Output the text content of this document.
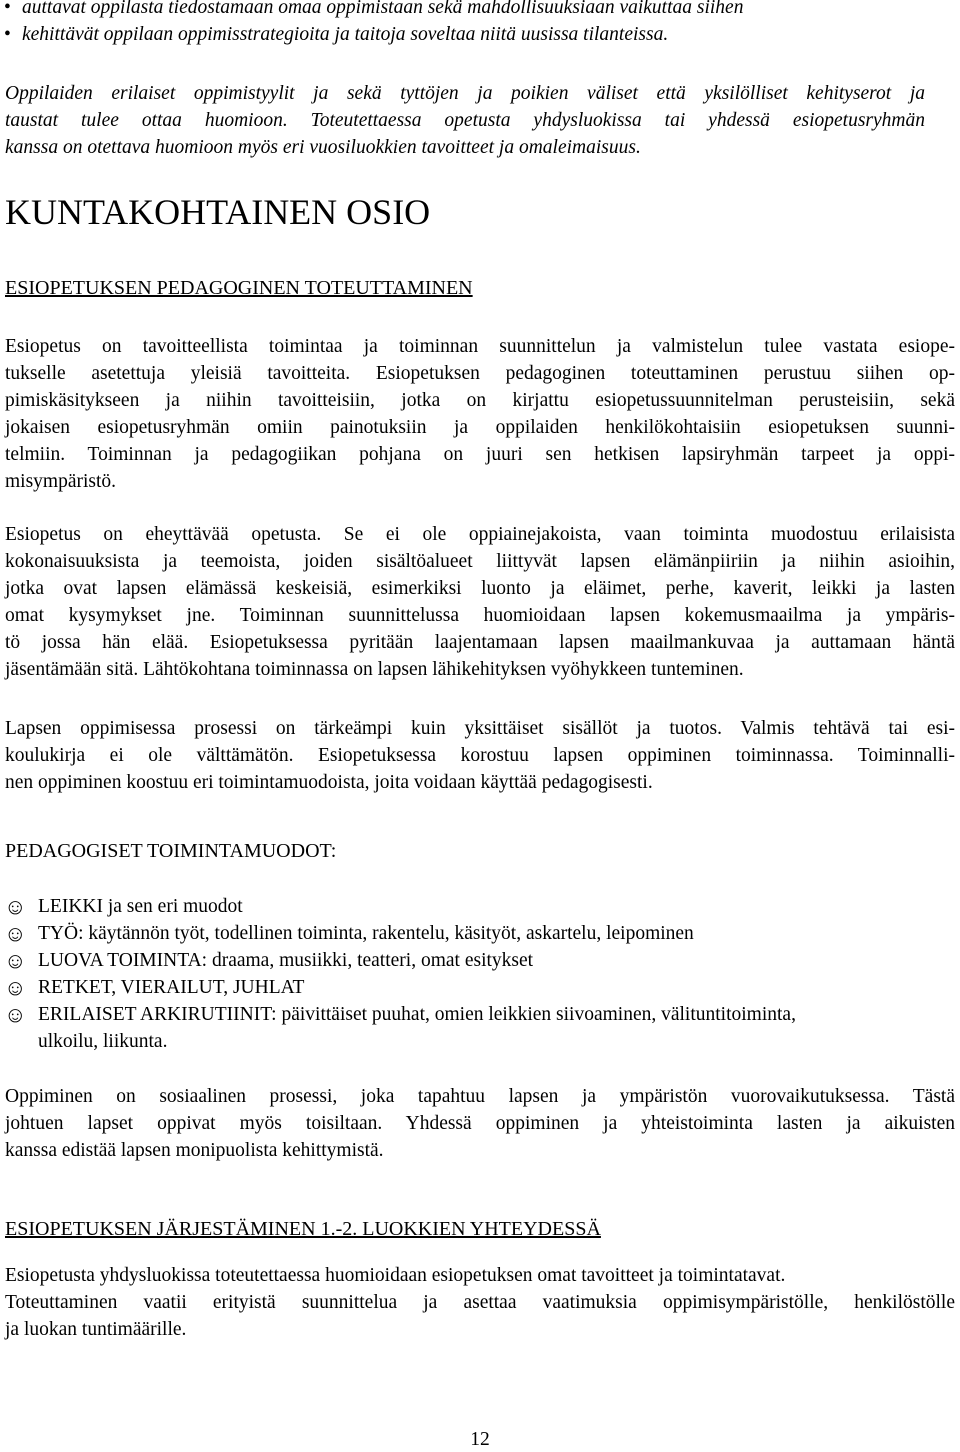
• auttavat oppilasta tiedostamaan omaa oppimistaan sekä mahdollisuuksiaan vaikuttaa siihen
• kehittävät oppilaan oppimisstrategioita ja taitoja soveltaa niitä uusissa tilanteissa.
Oppilaiden erilaiset oppimistyylit ja sekä tyttöjen ja poikien väliset että yksilölliset kehityserot ja
taustat tulee ottaa huomioon. Toteutettaessa opetusta yhdysluokissa tai yhdessä esiopetusryhmän
kanssa on otettava huomioon myös eri vuosiluokkien tavoitteet ja omaleimaisuus.
KUNTAKOHTAINEN OSIO
ESIOPETUKSEN PEDAGOGINEN TOTEUTTAMINEN
Esiopetus on tavoitteellista toimintaa ja toiminnan suunnittelun ja valmistelun tulee vastata esiope-
tukselle asetettuja yleisiä tavoitteita. Esiopetuksen pedagoginen toteuttaminen perustuu siihen op-
pimiskäsitykseen ja niihin tavoitteisiin, jotka on kirjattu esiopetussuunnitelman perusteisiin, sekä
jokaisen esiopetusryhmän omiin painotuksiin ja oppilaiden henkilökohtaisiin esiopetuksen suunni-
telmiin. Toiminnan ja pedagogiikan pohjana on juuri sen hetkisen lapsiryhmän tarpeet ja oppi-
misympäristö.
Esiopetus on eheyttävää opetusta. Se ei ole oppiainejakoista, vaan toiminta muodostuu erilaisista
kokonaisuuksista ja teemoista, joiden sisältöalueet liittyvät lapsen elämänpiiriin ja niihin asioihin,
jotka ovat lapsen elämässä keskeisiä, esimerkiksi luonto ja eläimet, perhe, kaverit, leikki ja lasten
omat kysymykset jne. Toiminnan suunnittelussa huomioidaan lapsen kokemusmaailma ja ympäris-
tö jossa hän elää. Esiopetuksessa pyritään laajentamaan lapsen maailmankuvaa ja auttamaan häntä
jäsentämään sitä. Lähtökohtana toiminnassa on lapsen lähikehityksen vyöhykkeen tunteminen.
Lapsen oppimisessa prosessi on tärkeämpi kuin yksittäiset sisällöt ja tuotos. Valmis tehtävä tai esi-
koulukirja ei ole välttämätön. Esiopetuksessa korostuu lapsen oppiminen toiminnassa. Toiminnalli-
nen oppiminen koostuu eri toimintamuodoista, joita voidaan käyttää pedagogisesti.
PEDAGOGISET TOIMINTAMUODOT:
☺ LEIKKI ja sen eri muodot
☺ TYÖ: käytännön työt, todellinen toiminta, rakentelu, käsityöt, askartelu, leipominen
☺ LUOVA TOIMINTA: draama, musiikki, teatteri, omat esitykset
☺ RETKET, VIERAILUT, JUHLAT
☺ ERILAISET ARKIRUTIINIT: päivittäiset puuhat, omien leikkien siivoaminen, välituntitoiminta,
ulkoilu, liikunta.
Oppiminen on sosiaalinen prosessi, joka tapahtuu lapsen ja ympäristön vuorovaikutuksessa. Tästä
johtuen lapset oppivat myös toisiltaan. Yhdessä oppiminen ja yhteistoiminta lasten ja aikuisten
kanssa edistää lapsen monipuolista kehittymistä.
ESIOPETUKSEN JÄRJESTÄMINEN 1.-2. LUOKKIEN YHTEYDESSÄ
Esiopetusta yhdysluokissa toteutettaessa huomioidaan esiopetuksen omat tavoitteet ja toimintatavat.
Toteuttaminen vaatii erityistä suunnittelua ja asettaa vaatimuksia oppimisympäristölle, henkilöstölle
ja luokan tuntimäärille.
12
